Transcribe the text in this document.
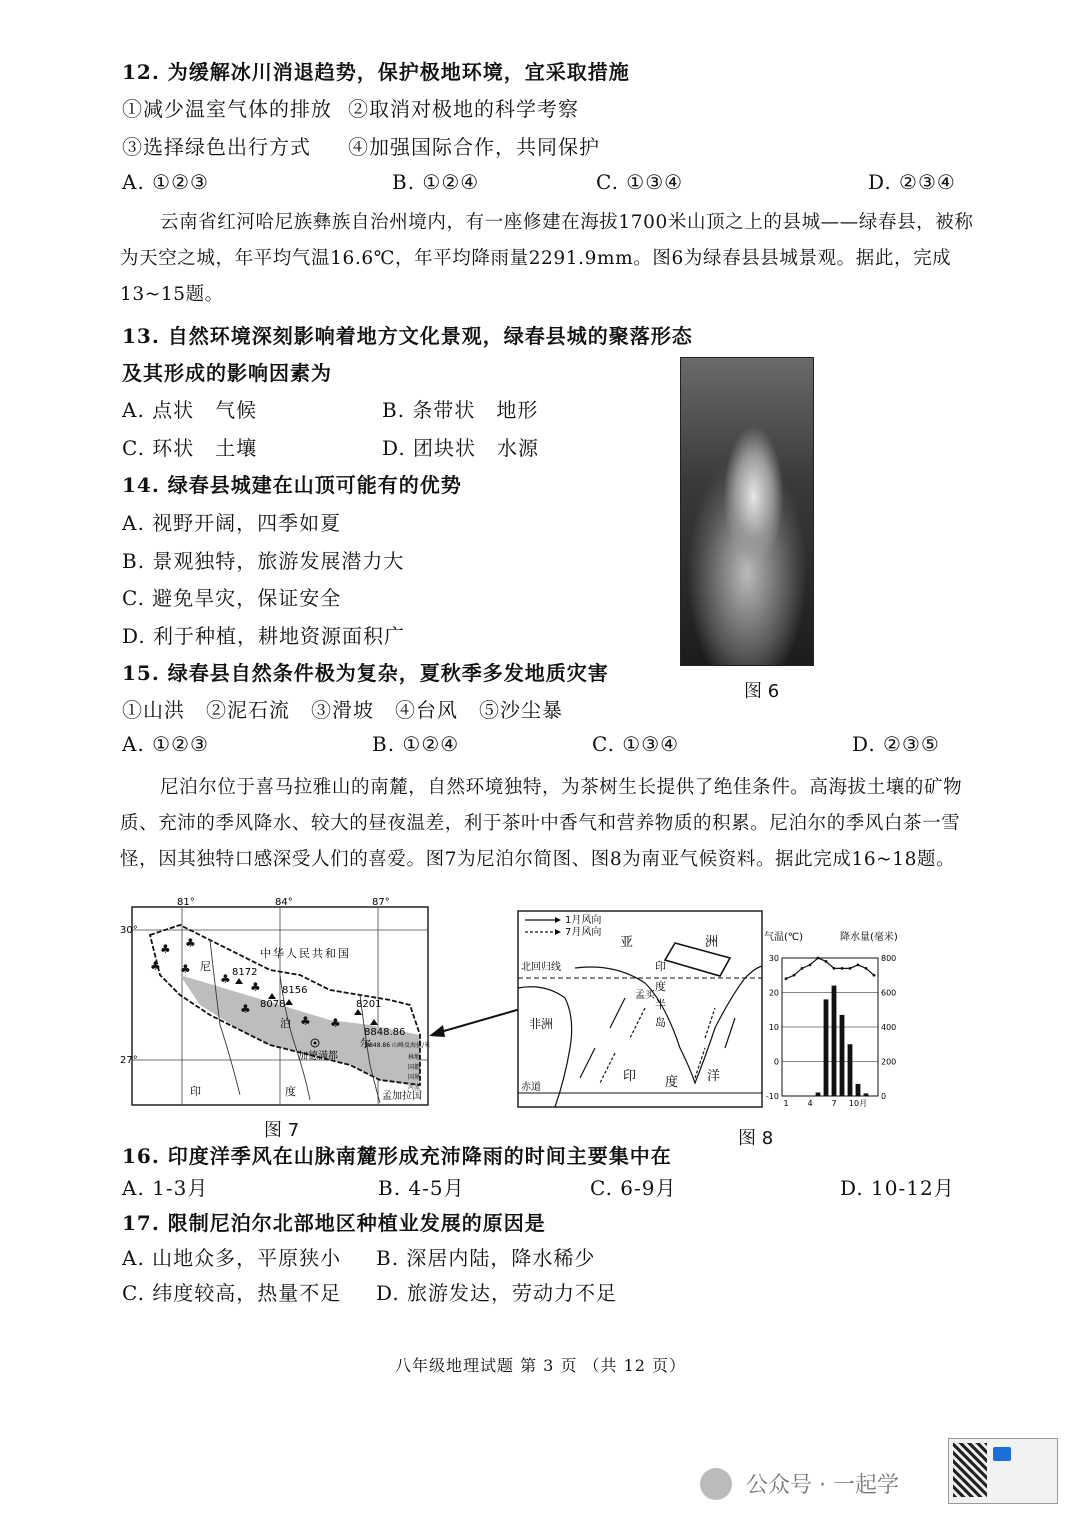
12. 为缓解冰川消退趋势，保护极地环境，宜采取措施
①减少温室气体的排放 ②取消对极地的科学考察
③选择绿色出行方式 ④加强国际合作，共同保护
A. ①②③	B. ①②④	C. ①③④	D. ②③④
云南省红河哈尼族彝族自治州境内，有一座修建在海拔1700米山顶之上的县城——绿春县，被称为天空之城，年平均气温16.6℃，年平均降雨量2291.9mm。图6为绿春县县城景观。据此，完成13~15题。
13. 自然环境深刻影响着地方文化景观，绿春县城的聚落形态
及其形成的影响因素为
A. 点状　气候	B. 条带状　地形
C. 环状　土壤	D. 团块状　水源
14. 绿春县城建在山顶可能有的优势
A. 视野开阔，四季如夏
B. 景观独特，旅游发展潜力大
C. 避免旱灾，保证安全
D. 利于种植，耕地资源面积广
15. 绿春县自然条件极为复杂，夏秋季多发地质灾害
①山洪　②泥石流　③滑坡　④台风　⑤沙尘暴
A. ①②③	B. ①②④	C. ①③④	D. ②③⑤
图 6
尼泊尔位于喜马拉雅山的南麓，自然环境独特，为茶树生长提供了绝佳条件。高海拔土壤的矿物质、充沛的季风降水、较大的昼夜温差，利于茶叶中香气和营养物质的积累。尼泊尔的季风白茶一雪怪，因其独特口感深受人们的喜爱。图7为尼泊尔简图、图8为南亚气候资料。据此完成16~18题。
♣ ♣
♣
♣
♣
♣
♣ ♣
♣
8172
8078
8156
8201
8848.86
加德满都
81°	84°	87°
30°
27°
中华人民共和国
尼
泊
尔
印	度	孟加拉国
8848.86 山峰及海拔/米
林地
国都
国界
河流
1月风向
7月风向
北回归线
赤道
亚	洲
非洲
印
度
半
岛
孟买
印 度 洋
气温(℃)	降水量(毫米)
30
20
10
0
-10
800
600
400
200
0
1 4 7 10月
图 7	图 8
16. 印度洋季风在山脉南麓形成充沛降雨的时间主要集中在
A. 1-3月	B. 4-5月	C. 6-9月	D. 10-12月
17. 限制尼泊尔北部地区种植业发展的原因是
A. 山地众多，平原狭小 B. 深居内陆，降水稀少
C. 纬度较高，热量不足 D. 旅游发达，劳动力不足
八年级地理试题 第 3 页 （共 12 页）
公众号 · 一起学
